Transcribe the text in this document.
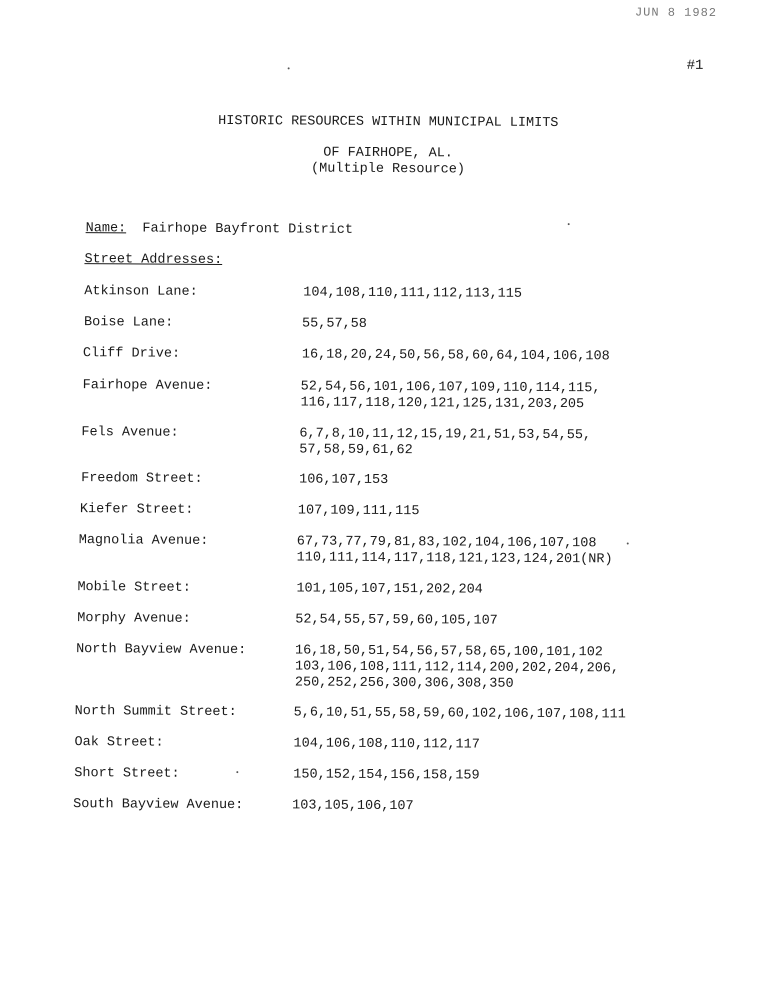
JUN 8 1982
#1
HISTORIC RESOURCES WITHIN MUNICIPAL LIMITS
OF FAIRHOPE, AL.
(Multiple Resource)
Name: Fairhope Bayfront District
Street Addresses:
Atkinson Lane:	104,108,110,111,112,113,115
Boise Lane:	55,57,58
Cliff Drive:	16,18,20,24,50,56,58,60,64,104,106,108
Fairhope Avenue:	52,54,56,101,106,107,109,110,114,115,
116,117,118,120,121,125,131,203,205
Fels Avenue:	6,7,8,10,11,12,15,19,21,51,53,54,55,
57,58,59,61,62
Freedom Street:	106,107,153
Kiefer Street:	107,109,111,115
Magnolia Avenue:	67,73,77,79,81,83,102,104,106,107,108
110,111,114,117,118,121,123,124,201(NR)
Mobile Street:	101,105,107,151,202,204
Morphy Avenue:	52,54,55,57,59,60,105,107
North Bayview Avenue:	16,18,50,51,54,56,57,58,65,100,101,102
103,106,108,111,112,114,200,202,204,206,
250,252,256,300,306,308,350
North Summit Street:	5,6,10,51,55,58,59,60,102,106,107,108,111
Oak Street:	104,106,108,110,112,117
Short Street:	150,152,154,156,158,159
South Bayview Avenue:	103,105,106,107
